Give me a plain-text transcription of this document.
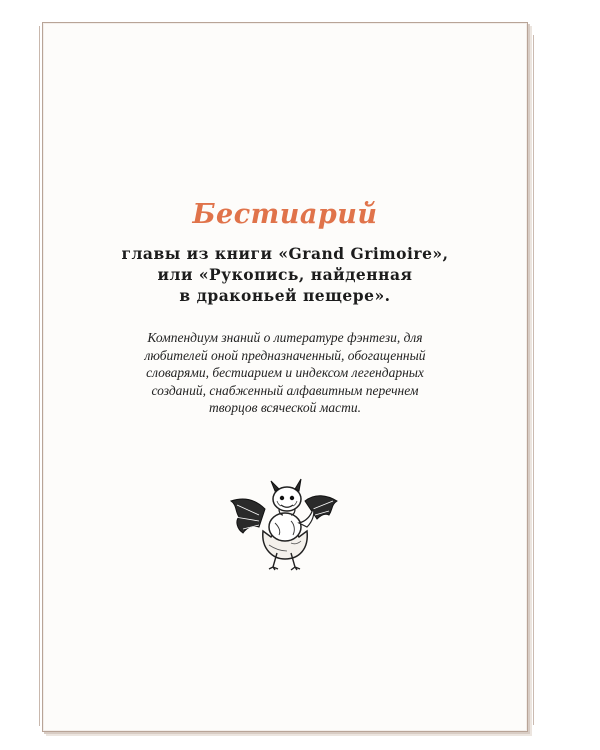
Бестиарий
главы из книги «Grand Grimoire»,
или «Рукопись, найденная
в драконьей пещере».
Компендиум знаний о литературе фэнтези, для
любителей оной предназначенный, обогащенный
словарями, бестиарием и индексом легендарных
созданий, снабженный алфавитным перечнем
творцов всяческой масти.
